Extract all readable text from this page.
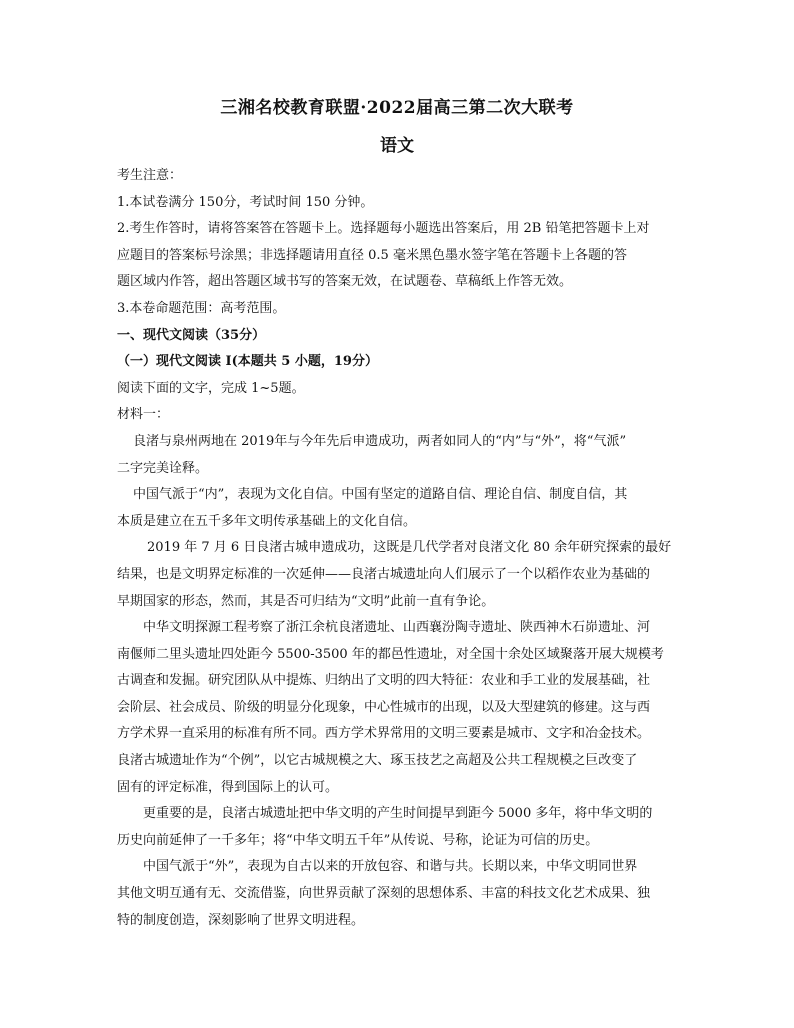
三湘名校教育联盟·2022届高三第二次大联考
语文

考生注意：

1.本试卷满分 150分，考试时间 150 分钟。

2.考生作答时，请将答案答在答题卡上。选择题每小题选出答案后，用 2B 铅笔把答题卡上对

应题目的答案标号涂黑；非选择题请用直径 0.5 毫米黑色墨水签字笔在答题卡上各题的答

题区域内作答，超出答题区域书写的答案无效，在试题卷、草稿纸上作答无效。

3.本卷命题范围：高考范围。

一、现代文阅读（35分）

（一）现代文阅读 I(本题共 5 小题，19分）

阅读下面的文字，完成 1~5题。

材料一：

良渚与泉州两地在 2019年与今年先后申遗成功，两者如同人的“内”与“外”，将“气派”

二字完美诠释。

中国气派于“内”，表现为文化自信。中国有坚定的道路自信、理论自信、制度自信，其

本质是建立在五千多年文明传承基础上的文化自信。

2019 年 7 月 6 日良渚古城申遗成功，这既是几代学者对良渚文化 80 余年研究探索的最好

结果，也是文明界定标准的一次延伸——良渚古城遗址向人们展示了一个以稻作农业为基础的

早期国家的形态，然而，其是否可归结为“文明”此前一直有争论。

中华文明探源工程考察了浙江余杭良渚遗址、山西襄汾陶寺遗址、陕西神木石峁遗址、河

南偃师二里头遗址四处距今 5500-3500 年的都邑性遗址，对全国十余处区域聚落开展大规模考

古调查和发掘。研究团队从中提炼、归纳出了文明的四大特征：农业和手工业的发展基础，社

会阶层、社会成员、阶级的明显分化现象，中心性城市的出现，以及大型建筑的修建。这与西

方学术界一直采用的标准有所不同。西方学术界常用的文明三要素是城市、文字和冶金技术。

良渚古城遗址作为“个例”，以它古城规模之大、琢玉技艺之高超及公共工程规模之巨改变了

固有的评定标准，得到国际上的认可。

更重要的是，良渚古城遗址把中华文明的产生时间提早到距今 5000 多年，将中华文明的

历史向前延伸了一千多年；将“中华文明五千年”从传说、号称，论证为可信的历史。

中国气派于“外”，表现为自古以来的开放包容、和谐与共。长期以来，中华文明同世界

其他文明互通有无、交流借鉴，向世界贡献了深刻的思想体系、丰富的科技文化艺术成果、独

特的制度创造，深刻影响了世界文明进程。
